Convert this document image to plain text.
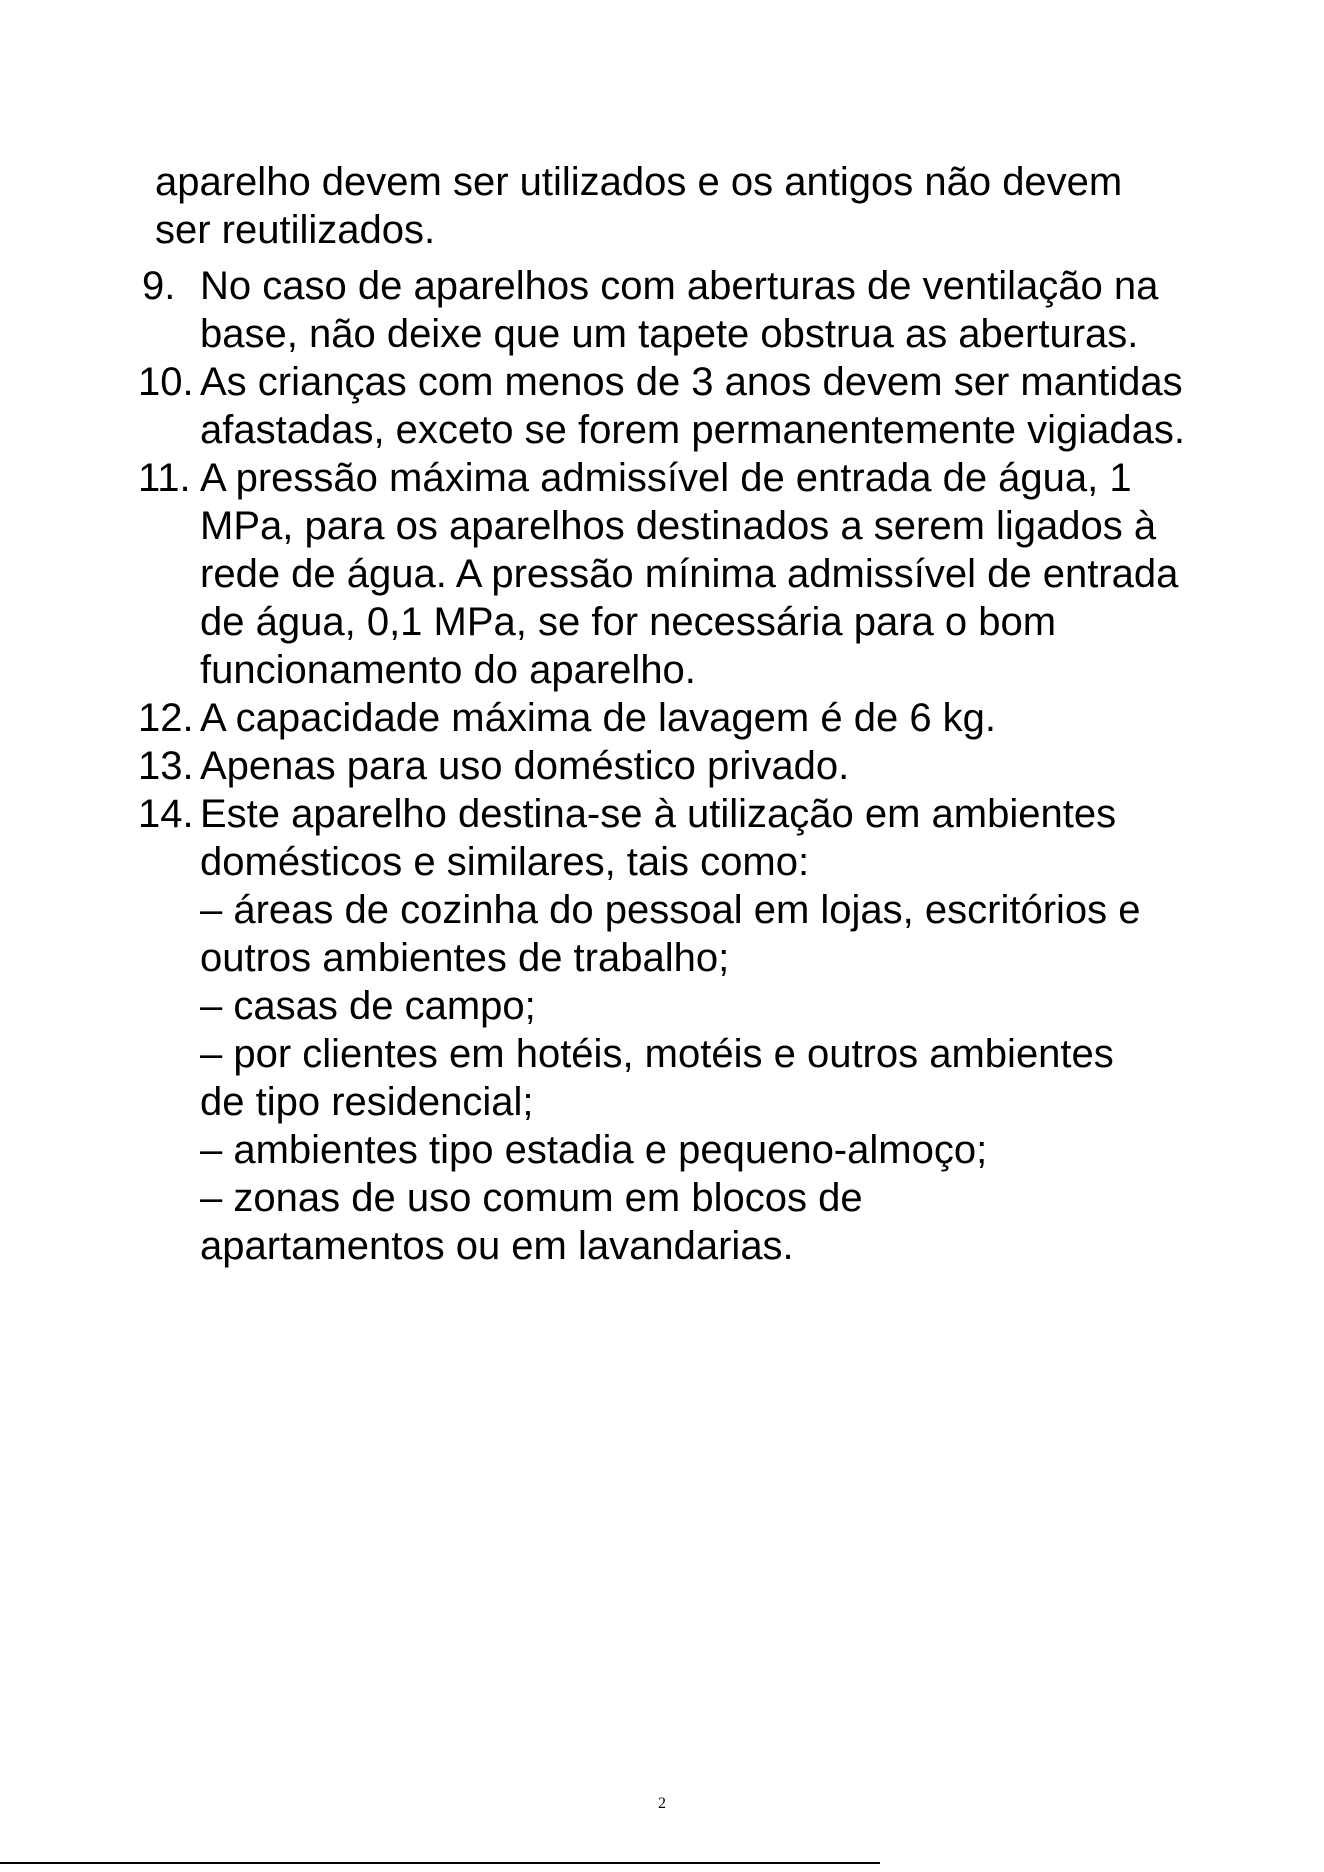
aparelho devem ser utilizados e os antigos não devem
ser reutilizados.
9. No caso de aparelhos com aberturas de ventilação na
base, não deixe que um tapete obstrua as aberturas.
10. As crianças com menos de 3 anos devem ser mantidas
afastadas, exceto se forem permanentemente vigiadas.
11. A pressão máxima admissível de entrada de água, 1
MPa, para os aparelhos destinados a serem ligados à
rede de água. A pressão mínima admissível de entrada
de água, 0,1 MPa, se for necessária para o bom
funcionamento do aparelho.
12. A capacidade máxima de lavagem é de 6 kg.
13. Apenas para uso doméstico privado.
14. Este aparelho destina-se à utilização em ambientes
domésticos e similares, tais como:
– áreas de cozinha do pessoal em lojas, escritórios e
outros ambientes de trabalho;
– casas de campo;
– por clientes em hotéis, motéis e outros ambientes
de tipo residencial;
– ambientes tipo estadia e pequeno-almoço;
– zonas de uso comum em blocos de
apartamentos ou em lavandarias.
2
